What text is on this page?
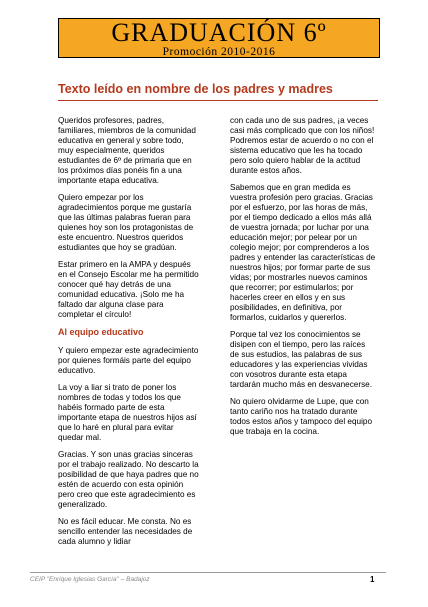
GRADUACIÓN 6º
Promoción 2010-2016
Texto leído en nombre de los padres y madres

Queridos profesores, padres, familiares, miembros de la comunidad educativa en general y sobre todo, muy especialmente, queridos estudiantes de 6º de primaria que en los próximos días ponéis fin a una importante etapa educativa.

Quiero empezar por los agradecimientos porque me gustaría que las últimas palabras fueran para quienes hoy son los protagonistas de este encuentro. Nuestros queridos estudiantes que hoy se gradúan.

Estar primero en la AMPA y después en el Consejo Escolar me ha permitido conocer qué hay detrás de una comunidad educativa. ¡Solo me ha faltado dar alguna clase para completar el círculo!

Al equipo educativo

Y quiero empezar este agradecimiento por quienes formáis parte del equipo educativo.

La voy a liar si trato de poner los nombres de todas y todos los que habéis formado parte de esta importante etapa de nuestros hijos así que lo haré en plural para evitar quedar mal.

Gracias. Y son unas gracias sinceras por el trabajo realizado. No descarto la posibilidad de que haya padres que no estén de acuerdo con esta opinión pero creo que este agradecimiento es generalizado.

No es fácil educar. Me consta. No es sencillo entender las necesidades de cada alumno y lidiar

con cada uno de sus padres, ¡a veces casi más complicado que con los niños! Podremos estar de acuerdo o no con el sistema educativo que les ha tocado pero solo quiero hablar de la actitud durante estos años.

Sabemos que en gran medida es vuestra profesión pero gracias. Gracias por el esfuerzo, por las horas de más, por el tiempo dedicado a ellos más allá de vuestra jornada; por luchar por una educación mejor; por pelear por un colegio mejor; por comprenderos a los padres y entender las características de nuestros hijos; por formar parte de sus vidas; por mostrarles nuevos caminos que recorrer; por estimularlos; por hacerles creer en ellos y en sus posibilidades, en definitiva, por formarlos, cuidarlos y quererlos.

Porque tal vez los conocimientos se disipen con el tiempo, pero las raíces de sus estudios, las palabras de sus educadores y las experiencias vividas con vosotros durante esta etapa tardarán mucho más en desvanecerse.

No quiero olvidarme de Lupe, que con tanto cariño nos ha tratado durante todos estos años y tampoco del equipo que trabaja en la cocina.

CEIP "Enrique Iglesias García" – Badajoz	1
